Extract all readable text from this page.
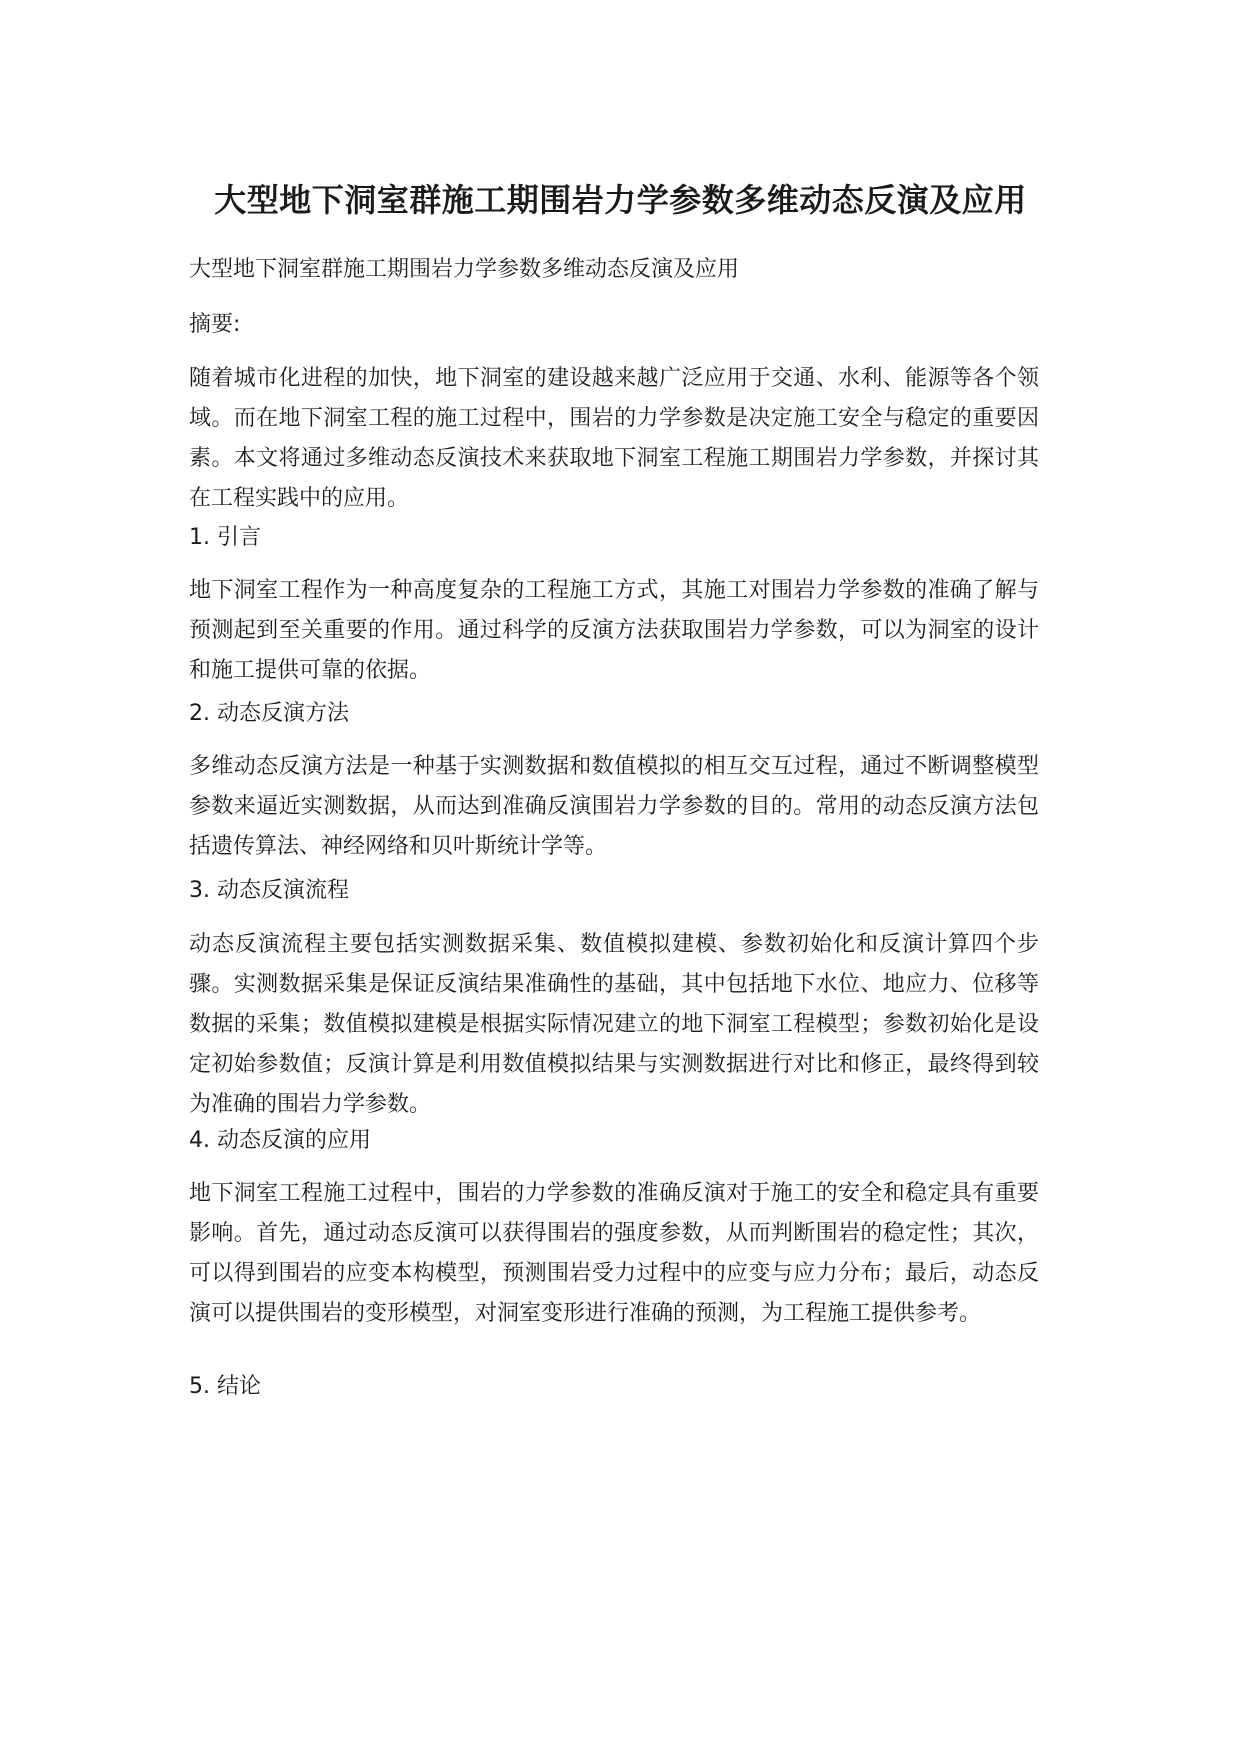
大型地下洞室群施工期围岩力学参数多维动态反演及应用

大型地下洞室群施工期围岩力学参数多维动态反演及应用

摘要:

随着城市化进程的加快，地下洞室的建设越来越广泛应用于交通、水利、能源等各个领域。而在地下洞室工程的施工过程中，围岩的力学参数是决定施工安全与稳定的重要因素。本文将通过多维动态反演技术来获取地下洞室工程施工期围岩力学参数，并探讨其在工程实践中的应用。

1. 引言

地下洞室工程作为一种高度复杂的工程施工方式，其施工对围岩力学参数的准确了解与预测起到至关重要的作用。通过科学的反演方法获取围岩力学参数，可以为洞室的设计和施工提供可靠的依据。

2. 动态反演方法

多维动态反演方法是一种基于实测数据和数值模拟的相互交互过程，通过不断调整模型参数来逼近实测数据，从而达到准确反演围岩力学参数的目的。常用的动态反演方法包括遗传算法、神经网络和贝叶斯统计学等。

3. 动态反演流程

动态反演流程主要包括实测数据采集、数值模拟建模、参数初始化和反演计算四个步骤。实测数据采集是保证反演结果准确性的基础，其中包括地下水位、地应力、位移等数据的采集；数值模拟建模是根据实际情况建立的地下洞室工程模型；参数初始化是设定初始参数值；反演计算是利用数值模拟结果与实测数据进行对比和修正，最终得到较为准确的围岩力学参数。

4. 动态反演的应用

地下洞室工程施工过程中，围岩的力学参数的准确反演对于施工的安全和稳定具有重要影响。首先，通过动态反演可以获得围岩的强度参数，从而判断围岩的稳定性；其次，可以得到围岩的应变本构模型，预测围岩受力过程中的应变与应力分布；最后，动态反演可以提供围岩的变形模型，对洞室变形进行准确的预测，为工程施工提供参考。

5. 结论
